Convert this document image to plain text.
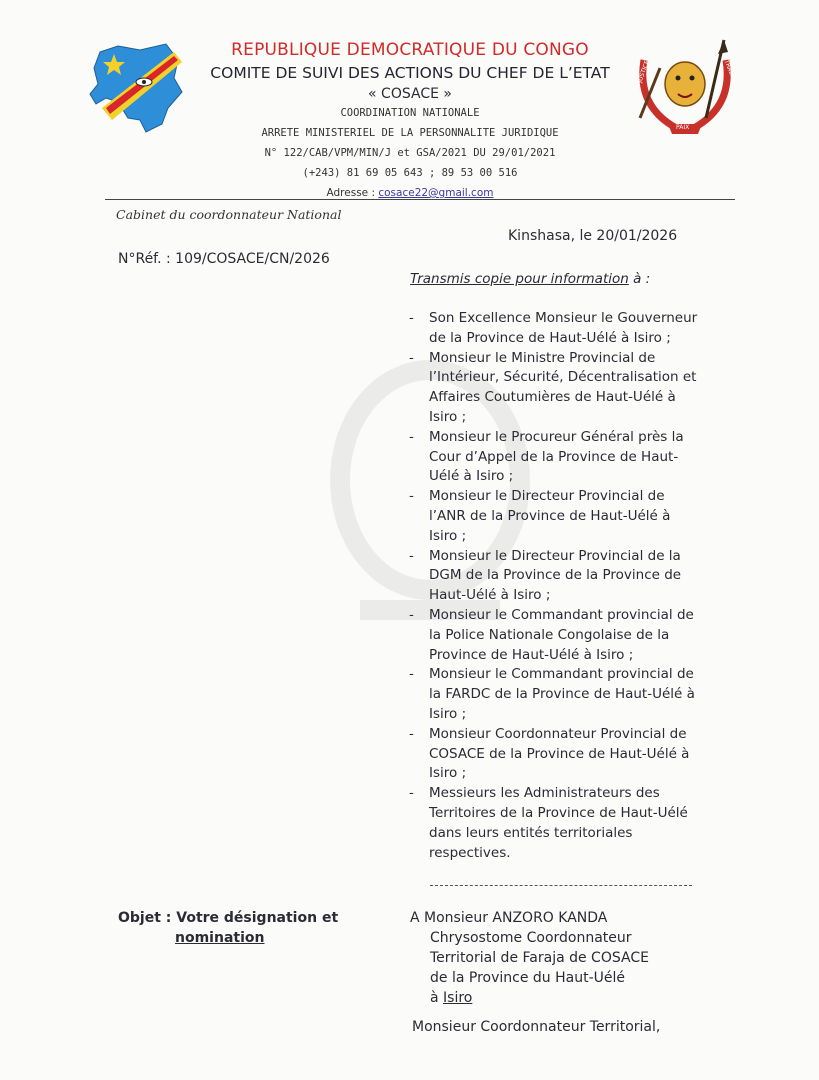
JUSTICE
PAIX
TRAVAIL
REPUBLIQUE DEMOCRATIQUE DU CONGO
COMITE DE SUIVI DES ACTIONS DU CHEF DE L’ETAT
« COSACE »
COORDINATION NATIONALE
ARRETE MINISTERIEL DE LA PERSONNALITE JURIDIQUE
N° 122/CAB/VPM/MIN/J et GSA/2021 DU 29/01/2021
(+243) 81 69 05 643 ; 89 53 00 516
Adresse : cosace22@gmail.com
Cabinet du coordonnateur National
Kinshasa, le 20/01/2026
N°Réf. : 109/COSACE/CN/2026
Transmis copie pour information à :
- Son Excellence Monsieur le Gouverneur de la Province de Haut-Uélé à Isiro ;
- Monsieur le Ministre Provincial de l’Intérieur, Sécurité, Décentralisation et Affaires Coutumières de Haut-Uélé à Isiro ;
- Monsieur le Procureur Général près la Cour d’Appel de la Province de Haut-Uélé à Isiro ;
- Monsieur le Directeur Provincial de l’ANR de la Province de Haut-Uélé à Isiro ;
- Monsieur le Directeur Provincial de la DGM de la Province de la Province de Haut-Uélé à Isiro ;
- Monsieur le Commandant provincial de la Police Nationale Congolaise de la Province de Haut-Uélé à Isiro ;
- Monsieur le Commandant provincial de la FARDC de la Province de Haut-Uélé à Isiro ;
- Monsieur Coordonnateur Provincial de COSACE de la Province de Haut-Uélé à Isiro ;
- Messieurs les Administrateurs des Territoires de la Province de Haut-Uélé dans leurs entités territoriales respectives.
Objet : Votre désignation et
nomination
A Monsieur ANZORO KANDA
Chrysostome Coordonnateur
Territorial de Faraja de COSACE
de la Province du Haut-Uélé
à Isiro
Monsieur Coordonnateur Territorial,
